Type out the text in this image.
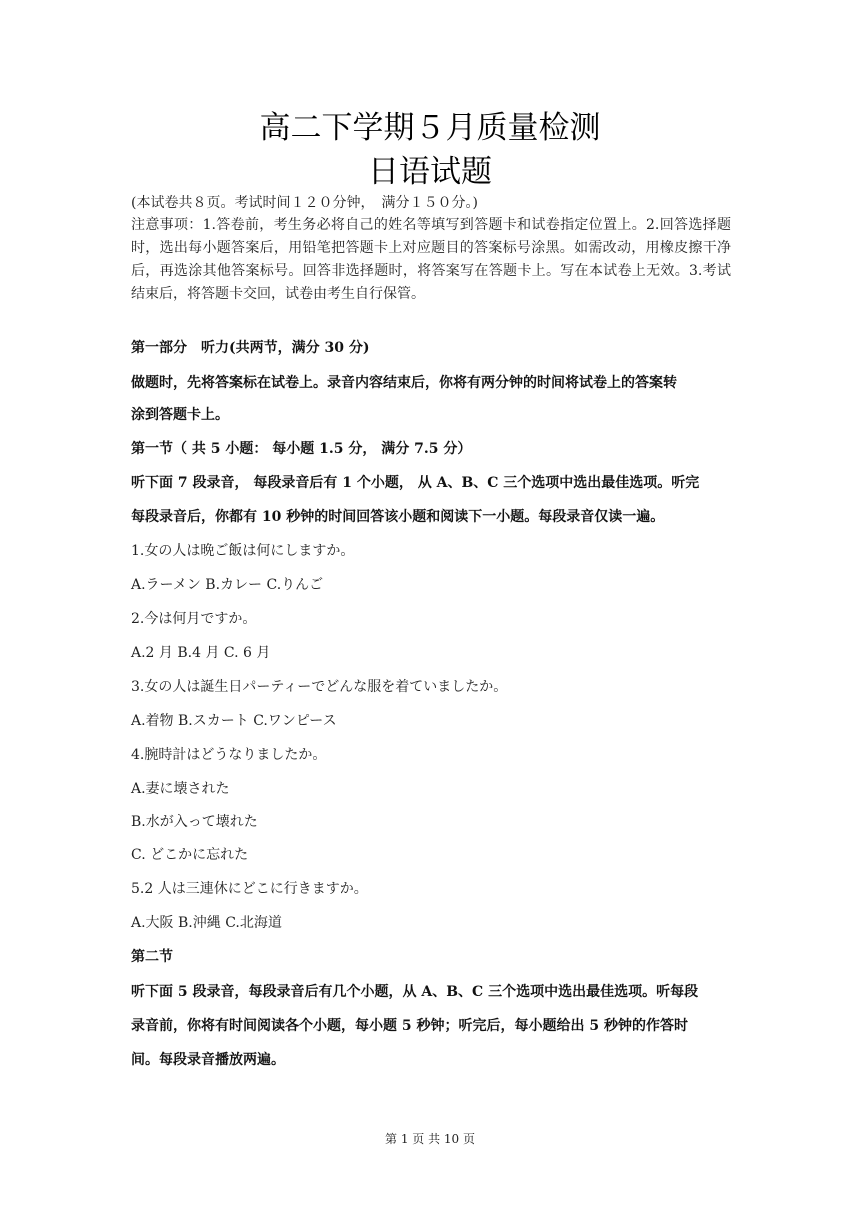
高二下学期５月质量检测
日语试题
(本试卷共８页。考试时间１２０分钟，　满分１５０分。)
注意事项：1.答卷前，考生务必将自己的姓名等填写到答题卡和试卷指定位置上。2.回答选择题时，选出每小题答案后，用铅笔把答题卡上对应题目的答案标号涂黑。如需改动，用橡皮擦干净后，再选涂其他答案标号。回答非选择题时，将答案写在答题卡上。写在本试卷上无效。3.考试结束后，将答题卡交回，试卷由考生自行保管。
第一部分　听力(共两节，满分 30 分)
做题时，先将答案标在试卷上。录音内容结束后，你将有两分钟的时间将试卷上的答案转
涂到答题卡上。
第一节（ 共 5 小题： 每小题 1.5 分， 满分 7.5 分）
听下面 7 段录音， 每段录音后有 1 个小题， 从 A、B、C 三个选项中选出最佳选项。听完
每段录音后，你都有 10 秒钟的时间回答该小题和阅读下一小题。每段录音仅读一遍。
1.女の人は晩ご飯は何にしますか。
A.ラーメン B.カレー C.りんご
2.今は何月ですか。
A.2 月 B.4 月 C. 6 月
3.女の人は誕生日パーティーでどんな服を着ていましたか。
A.着物 B.スカート C.ワンピース
4.腕時計はどうなりましたか。
A.妻に壊された
B.水が入って壊れた
C. どこかに忘れた
5.2 人は三連休にどこに行きますか。
A.大阪 B.沖縄 C.北海道
第二节
听下面 5 段录音，每段录音后有几个小题，从 A、B、C 三个选项中选出最佳选项。听每段
录音前，你将有时间阅读各个小题，每小题 5 秒钟；听完后，每小题给出 5 秒钟的作答时
间。每段录音播放两遍。
第 1 页 共 10 页
